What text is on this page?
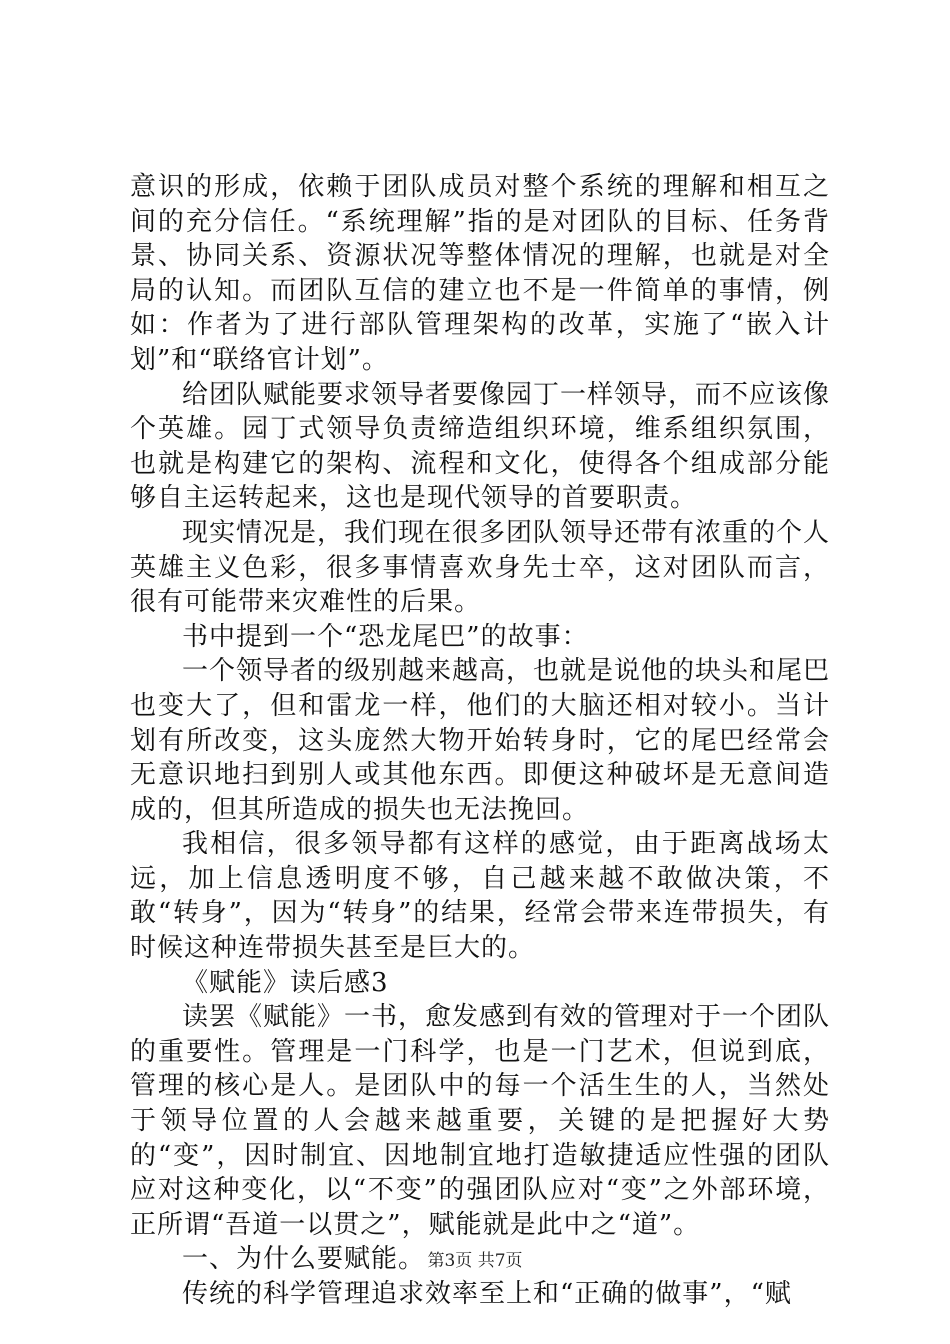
意识的形成，依赖于团队成员对整个系统的理解和相互之间的充分信任。“系统理解”指的是对团队的目标、任务背景、协同关系、资源状况等整体情况的理解，也就是对全局的认知。而团队互信的建立也不是一件简单的事情，例如：作者为了进行部队管理架构的改革，实施了“嵌入计划”和“联络官计划”。

给团队赋能要求领导者要像园丁一样领导，而不应该像个英雄。园丁式领导负责缔造组织环境，维系组织氛围，也就是构建它的架构、流程和文化，使得各个组成部分能够自主运转起来，这也是现代领导的首要职责。

现实情况是，我们现在很多团队领导还带有浓重的个人英雄主义色彩，很多事情喜欢身先士卒，这对团队而言，很有可能带来灾难性的后果。

书中提到一个“恐龙尾巴”的故事：

一个领导者的级别越来越高，也就是说他的块头和尾巴也变大了，但和雷龙一样，他们的大脑还相对较小。当计划有所改变，这头庞然大物开始转身时，它的尾巴经常会无意识地扫到别人或其他东西。即便这种破坏是无意间造成的，但其所造成的损失也无法挽回。

我相信，很多领导都有这样的感觉，由于距离战场太远，加上信息透明度不够，自己越来越不敢做决策，不敢“转身”，因为“转身”的结果，经常会带来连带损失，有时候这种连带损失甚至是巨大的。

《赋能》读后感3

读罢《赋能》一书，愈发感到有效的管理对于一个团队的重要性。管理是一门科学，也是一门艺术，但说到底，管理的核心是人。是团队中的每一个活生生的人，当然处于领导位置的人会越来越重要，关键的是把握好大势的“变”，因时制宜、因地制宜地打造敏捷适应性强的团队应对这种变化，以“不变”的强团队应对“变”之外部环境，正所谓“吾道一以贯之”，赋能就是此中之“道”。

一、为什么要赋能。

传统的科学管理追求效率至上和“正确的做事”，“赋

第3页 共7页
